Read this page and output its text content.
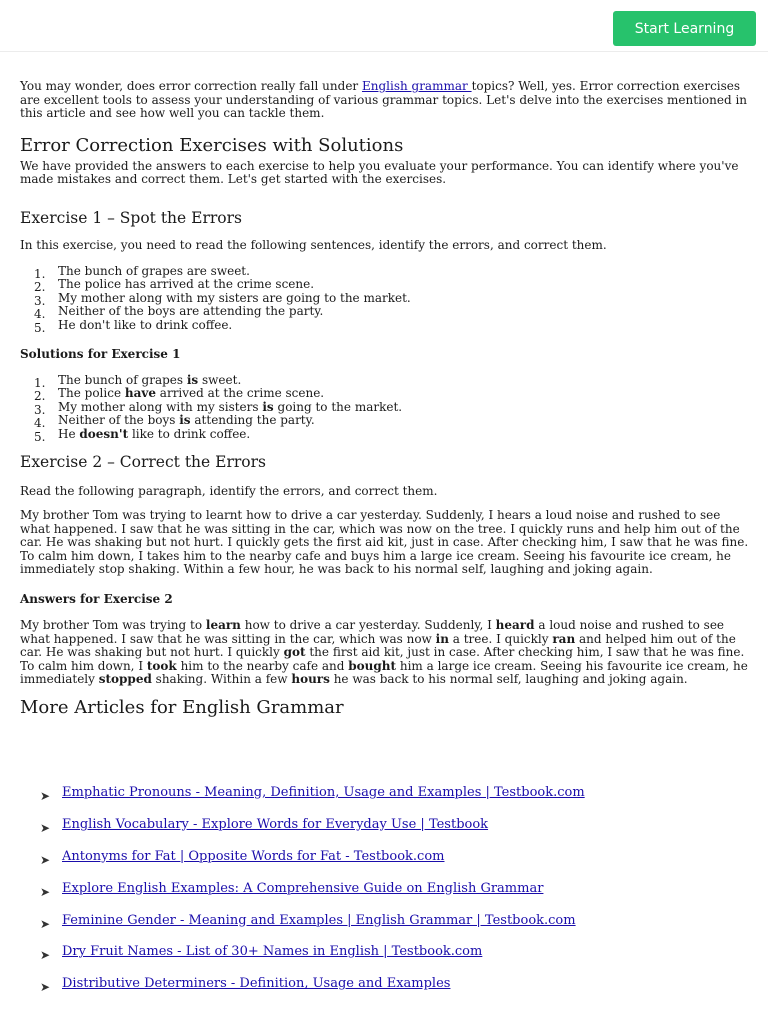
Start Learning

You may wonder, does error correction really fall under English grammar topics? Well, yes. Error correction exercises are excellent tools to assess your understanding of various grammar topics. Let's delve into the exercises mentioned in this article and see how well you can tackle them.

Error Correction Exercises with Solutions

We have provided the answers to each exercise to help you evaluate your performance. You can identify where you've made mistakes and correct them. Let's get started with the exercises.

Exercise 1 – Spot the Errors

In this exercise, you need to read the following sentences, identify the errors, and correct them.

1. The bunch of grapes are sweet.
2. The police has arrived at the crime scene.
3. My mother along with my sisters are going to the market.
4. Neither of the boys are attending the party.
5. He don't like to drink coffee.
Solutions for Exercise 1
1. The bunch of grapes is sweet.
2. The police have arrived at the crime scene.
3. My mother along with my sisters is going to the market.
4. Neither of the boys is attending the party.
5. He doesn't like to drink coffee.
Exercise 2 – Correct the Errors

Read the following paragraph, identify the errors, and correct them.

My brother Tom was trying to learnt how to drive a car yesterday. Suddenly, I hears a loud noise and rushed to see what happened. I saw that he was sitting in the car, which was now on the tree. I quickly runs and help him out of the car. He was shaking but not hurt. I quickly gets the first aid kit, just in case. After checking him, I saw that he was fine. To calm him down, I takes him to the nearby cafe and buys him a large ice cream. Seeing his favourite ice cream, he immediately stop shaking. Within a few hour, he was back to his normal self, laughing and joking again.

Answers for Exercise 2

My brother Tom was trying to learn how to drive a car yesterday. Suddenly, I heard a loud noise and rushed to see what happened. I saw that he was sitting in the car, which was now in a tree. I quickly ran and helped him out of the car. He was shaking but not hurt. I quickly got the first aid kit, just in case. After checking him, I saw that he was fine. To calm him down, I took him to the nearby cafe and bought him a large ice cream. Seeing his favourite ice cream, he immediately stopped shaking. Within a few hours he was back to his normal self, laughing and joking again.

More Articles for English Grammar
➤ Emphatic Pronouns - Meaning, Definition, Usage and Examples | Testbook.com
➤ English Vocabulary - Explore Words for Everyday Use | Testbook
➤ Antonyms for Fat | Opposite Words for Fat - Testbook.com
➤ Explore English Examples: A Comprehensive Guide on English Grammar
➤ Feminine Gender - Meaning and Examples | English Grammar | Testbook.com
➤ Dry Fruit Names - List of 30+ Names in English | Testbook.com
➤ Distributive Determiners - Definition, Usage and Examples
